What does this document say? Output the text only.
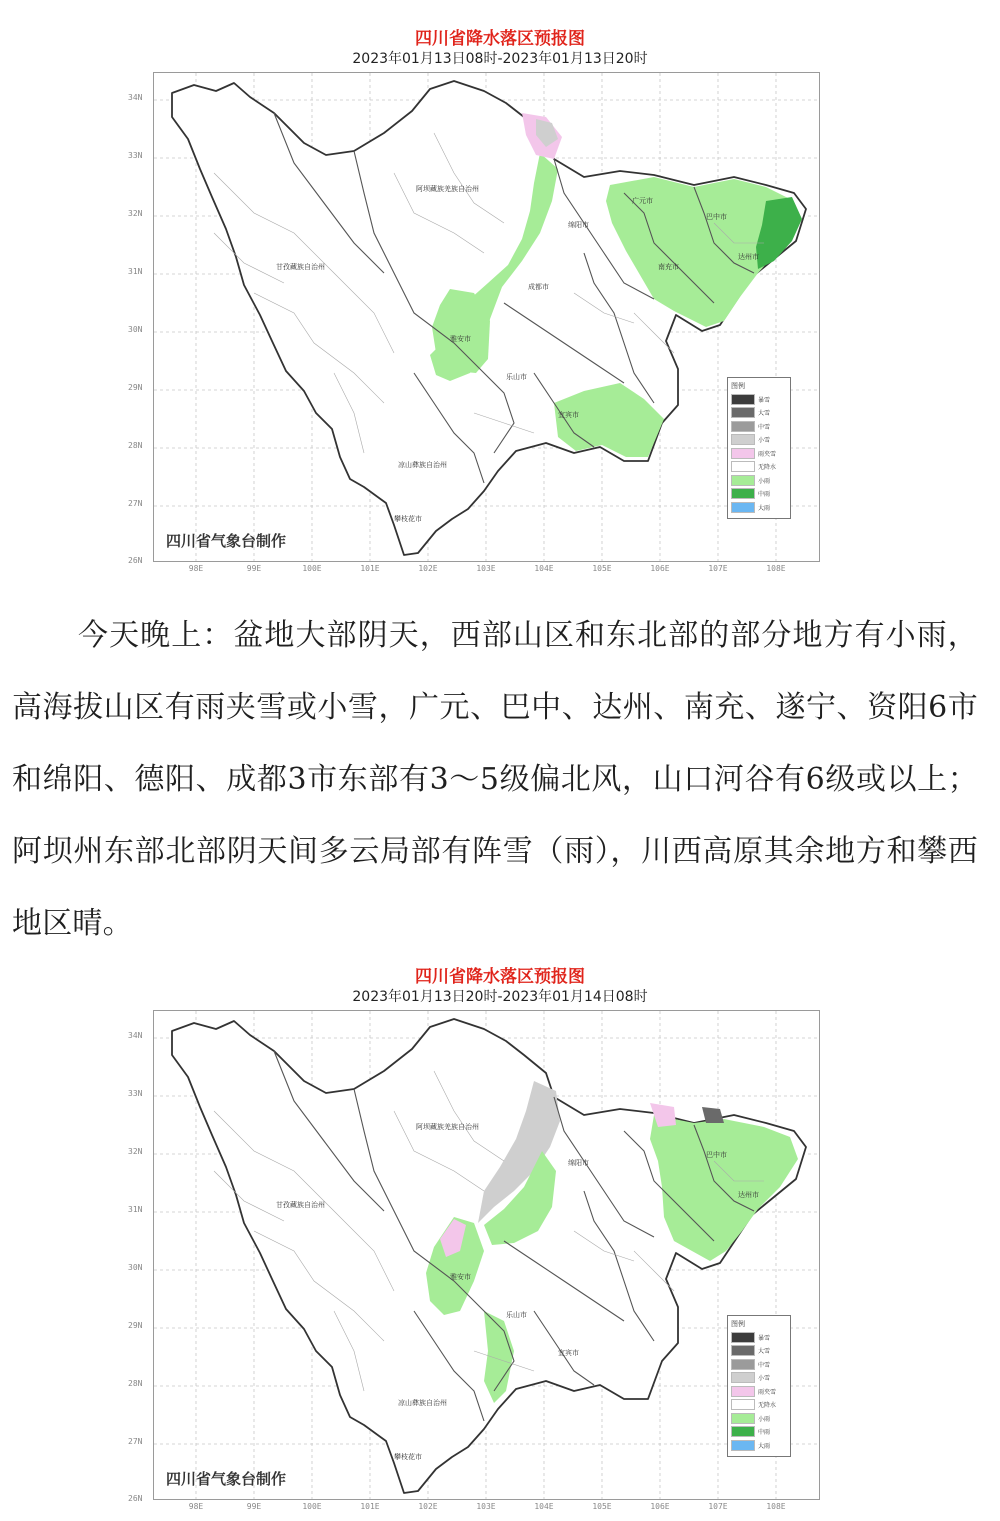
四川省降水落区预报图
2023年01月13日08时-2023年01月13日20时
34N
33N
32N
31N
30N
29N
28N
27N
26N
阿坝藏族羌族自治州
甘孜藏族自治州
凉山彝族自治州
广元市
巴中市
达州市
南充市
绵阳市
成都市
雅安市
乐山市
宜宾市
攀枝花市
图例
暴雪
大雪
中雪
小雪
雨夹雪
无降水
小雨
中雨
大雨
四川省气象台制作
98E	99E	100E	101E	102E	103E	104E	105E	106E	107E	108E
今天晚上：盆地大部阴天，西部山区和东北部的部分地方有小雨，高海拔山区有雨夹雪或小雪，广元、巴中、达州、南充、遂宁、资阳6市和绵阳、德阳、成都3市东部有3～5级偏北风，山口河谷有6级或以上；阿坝州东部北部阴天间多云局部有阵雪（雨），川西高原其余地方和攀西地区晴。
四川省降水落区预报图
2023年01月13日20时-2023年01月14日08时
34N
33N
32N
31N
30N
29N
28N
27N
26N
阿坝藏族羌族自治州
甘孜藏族自治州
凉山彝族自治州
巴中市
达州市
绵阳市
雅安市
乐山市
宜宾市
攀枝花市
图例
暴雪
大雪
中雪
小雪
雨夹雪
无降水
小雨
中雨
大雨
四川省气象台制作
98E	99E	100E	101E	102E	103E	104E	105E	106E	107E	108E
